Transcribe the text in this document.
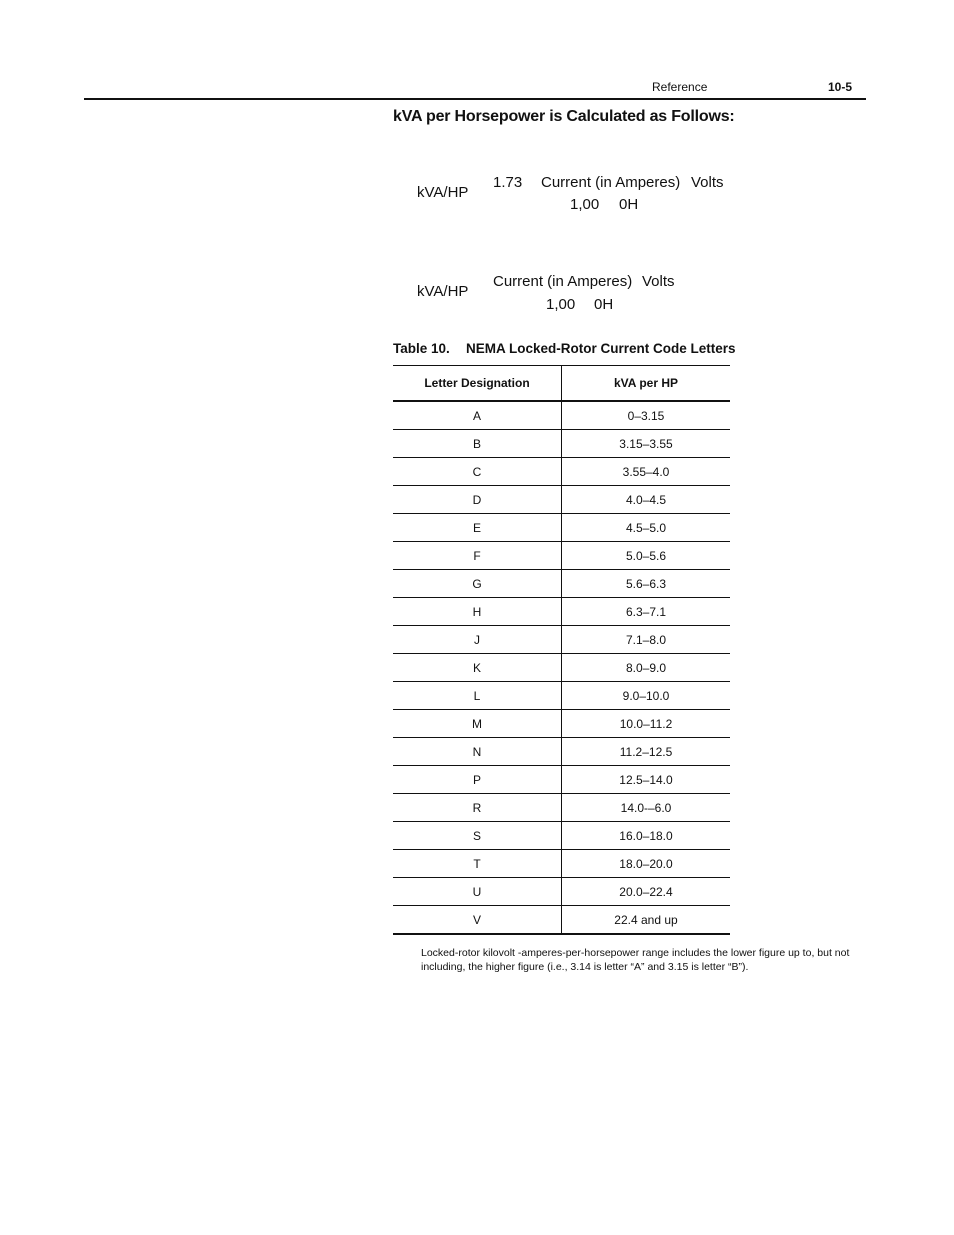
Reference	10-5
kVA per Horsepower is Calculated as Follows:
kVA/HP
1.73 Current (in Amperes) Volts
1,00 0H
kVA/HP
Current (in Amperes) Volts
1,00 0H
Table 10. NEMA Locked-Rotor Current Code Letters
Letter Designation	kVA per HP
A	0–3.15
B	3.15–3.55
C	3.55–4.0
D	4.0–4.5
E	4.5–5.0
F	5.0–5.6
G	5.6–6.3
H	6.3–7.1
J	7.1–8.0
K	8.0–9.0
L	9.0–10.0
M	10.0–11.2
N	11.2–12.5
P	12.5–14.0
R	14.0-–6.0
S	16.0–18.0
T	18.0–20.0
U	20.0–22.4
V	22.4 and up
Locked-rotor kilovolt -amperes-per-horsepower range includes the lower figure up to, but not including, the higher figure (i.e., 3.14 is letter “A” and 3.15 is letter “B”).
